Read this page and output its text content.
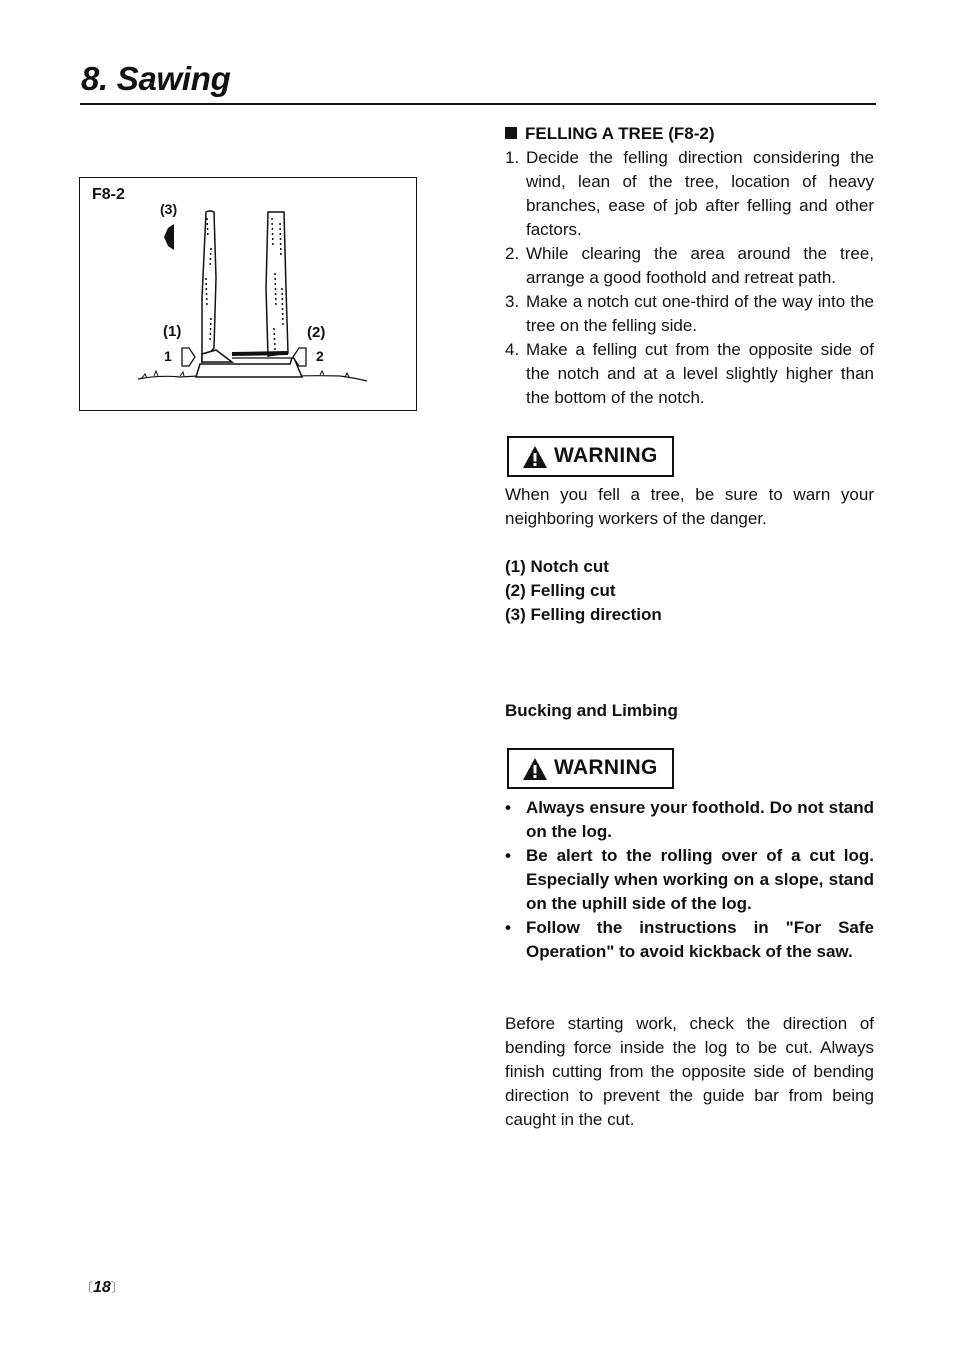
8. Sawing
F8-2
(3)
(1)	(2)
1	2
FELLING A TREE (F8-2)
1. Decide the felling direction considering the wind, lean of the tree, location of heavy branches, ease of job after felling and other factors.
2. While clearing the area around the tree, arrange a good foothold and retreat path.
3. Make a notch cut one-third of the way into the tree on the felling side.
4. Make a felling cut from the opposite side of the notch and at a level slightly higher than the bottom of the notch.
WARNING
When you fell a tree, be sure to warn your neighboring workers of the danger.
(1) Notch cut
(2) Felling cut
(3) Felling direction
Bucking and Limbing
WARNING
• Always ensure your foothold. Do not stand on the log.
• Be alert to the rolling over of a cut log. Especially when working on a slope, stand on the uphill side of the log.
• Follow the instructions in "For Safe Operation" to avoid kickback of the saw.
Before starting work, check the direction of bending force inside the log to be cut. Always finish cutting from the opposite side of bending direction to prevent the guide bar from being caught in the cut.
〔18〕
